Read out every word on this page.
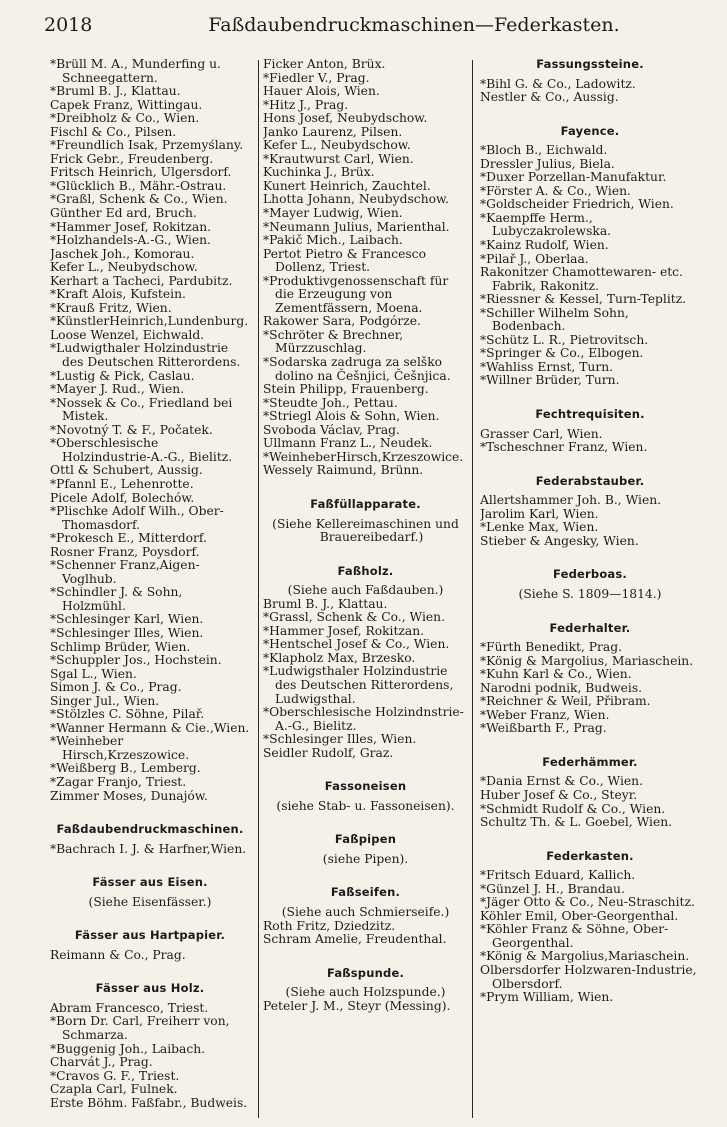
2018	Faßdaubendruckmaschinen—Federkasten.
*Brüll M. A., Munderfing u. Schneegattern.
*Bruml B. J., Klattau.
Čapek Franz, Wittingau.
*Dreibholz & Co., Wien.
Fischl & Co., Pilsen.
*Freundlich Isak, Przemyślany.
Frick Gebr., Freudenberg.
Fritsch Heinrich, Ulgersdorf.
*Glücklich B., Mähr.-Ostrau.
*Graßl, Schenk & Co., Wien.
Günther Ed ard, Bruch.
*Hammer Josef, Rokitzan.
*Holzhandels-A.-G., Wien.
Jaschek Joh., Komorau.
Kefer L., Neubydschow.
Kerhart a Tacheci, Pardubitz.
*Kraft Alois, Kufstein.
*Krauß Fritz, Wien.
*KünstlerHeinrich,Lundenburg.
Loose Wenzel, Eichwald.
*Ludwigthaler Holzindustrie des Deutschen Ritterordens.
*Lustig & Pick, Časlau.
*Mayer J. Rud., Wien.
*Nossek & Co., Friedland bei Mistek.
*Novotný T. & F., Počatek.
*Oberschlesische Holzindustrie-A.-G., Bielitz.
Öttl & Schubert, Aussig.
*Pfannl E., Lehenrotte.
Picele Adolf, Bolechów.
*Plischke Adolf Wilh., Ober-Thomasdorf.
*Prokesch E., Mitterdorf.
Rosner Franz, Poysdorf.
*Schenner Franz,Aigen-Voglhub.
*Schindler J. & Sohn, Holzmühl.
*Schlesinger Karl, Wien.
*Schlesinger Illes, Wien.
Schlimp Brüder, Wien.
*Schuppler Jos., Hochstein.
Sgal L., Wien.
Simon J. & Co., Prag.
Singer Jul., Wien.
*Stölzles C. Söhne, Pilař.
*Wanner Hermann & Cie.,Wien.
*Weinheber Hirsch,Krzeszowice.
*Weißberg B., Lemberg.
*Žagar Franjo, Triest.
Zimmer Moses, Dunajów.
Faßdaubendruckmaschinen.
*Bachrach I. J. & Harfner,Wien.
Fässer aus Eisen.
(Siehe Eisenfässer.)
Fässer aus Hartpapier.
Reimann & Co., Prag.
Fässer aus Holz.
Abram Francesco, Triest.
*Born Dr. Carl, Freiherr von, Schmarza.
*Buggenig Joh., Laibach.
Charvát J., Prag.
*Cravos G. F., Triest.
Czapla Carl, Fulnek.
Erste Böhm. Faßfabr., Budweis.
Ficker Anton, Brüx.
*Fiedler V., Prag.
Hauer Alois, Wien.
*Hitz J., Prag.
Hons Josef, Neubydschow.
Janko Laurenz, Pilsen.
Kefer L., Neubydschow.
*Krautwurst Carl, Wien.
Kuchinka J., Brüx.
Kunert Heinrich, Zauchtel.
Lhotta Johann, Neubydschow.
*Mayer Ludwig, Wien.
*Neumann Julius, Marienthal.
*Pakič Mich., Laibach.
Pertot Pietro & Francesco Dollenz, Triest.
*Produktivgenossenschaft für die Erzeugung von Zementfässern, Moena.
Rakower Sara, Podgórze.
*Schröter & Brechner, Mürzzuschlag.
*Sodarska zadruga za selško dolino na Češnjici, Češnjica.
Stein Philipp, Frauenberg.
*Steudte Joh., Pettau.
*Striegl Alois & Sohn, Wien.
Svoboda Václav, Prag.
Ullmann Franz L., Neudek.
*WeinheberHirsch,Krzeszowice.
Wessely Raimund, Brünn.
Faßfüllapparate.
(Siehe Kellereimaschinen und Brauereibedarf.)
Faßholz.
(Siehe auch Faßdauben.)
Bruml B. J., Klattau.
*Grassl, Schenk & Co., Wien.
*Hammer Josef, Rokitzan.
*Hentschel Josef & Co., Wien.
*Klapholz Max, Brzesko.
*Ludwigsthaler Holzindustrie des Deutschen Ritterordens, Ludwigsthal.
*Oberschlesische Holzindnstrie-A.-G., Bielitz.
*Schlesinger Illes, Wien.
Seidler Rudolf, Graz.
Fassoneisen
(siehe Stab- u. Fassoneisen).
Faßpipen
(siehe Pipen).
Faßseifen.
(Siehe auch Schmierseife.)
Roth Fritz, Dziedzitz.
Schram Amelie, Freudenthal.
Faßspunde.
(Siehe auch Holzspunde.)
Peteler J. M., Steyr (Messing).
Fassungssteine.
*Bihl G. & Co., Ladowitz.
Nestler & Co., Aussig.
Fayence.
*Bloch B., Eichwald.
Dressler Julius, Biela.
*Duxer Porzellan-Manufaktur.
*Förster A. & Co., Wien.
*Goldscheider Friedrich, Wien.
*Kaempffe Herm., Lubyczakrolewska.
*Kainz Rudolf, Wien.
*Pilař J., Oberlaa.
Rakonitzer Chamottewaren- etc. Fabrik, Rakonitz.
*Riessner & Kessel, Turn-Teplitz.
*Schiller Wilhelm Sohn, Bodenbach.
*Schütz L. R., Pietrovitsch.
*Springer & Co., Elbogen.
*Wahliss Ernst, Turn.
*Willner Brüder, Turn.
Fechtrequisiten.
Grasser Carl, Wien.
*Tscheschner Franz, Wien.
Federabstauber.
Allertshammer Joh. B., Wien.
Jarolim Karl, Wien.
*Lenke Max, Wien.
Stieber & Angesky, Wien.
Federboas.
(Siehe S. 1809—1814.)
Federhalter.
*Fürth Benedikt, Prag.
*König & Margolius, Mariaschein.
*Kuhn Karl & Co., Wien.
Narodni podnik, Budweis.
*Reichner & Weil, Přibram.
*Weber Franz, Wien.
*Weißbarth F., Prag.
Federhämmer.
*Dania Ernst & Co., Wien.
Huber Josef & Co., Steyr.
*Schmidt Rudolf & Co., Wien.
Schultz Th. & L. Goebel, Wien.
Federkasten.
*Fritsch Eduard, Kallich.
*Günzel J. H., Brandau.
*Jäger Otto & Co., Neu-Straschitz.
Köhler Emil, Ober-Georgenthal.
*Köhler Franz & Söhne, Ober-Georgenthal.
*König & Margolius,Mariaschein.
Olbersdorfer Holzwaren-Industrie, Olbersdorf.
*Prym William, Wien.
